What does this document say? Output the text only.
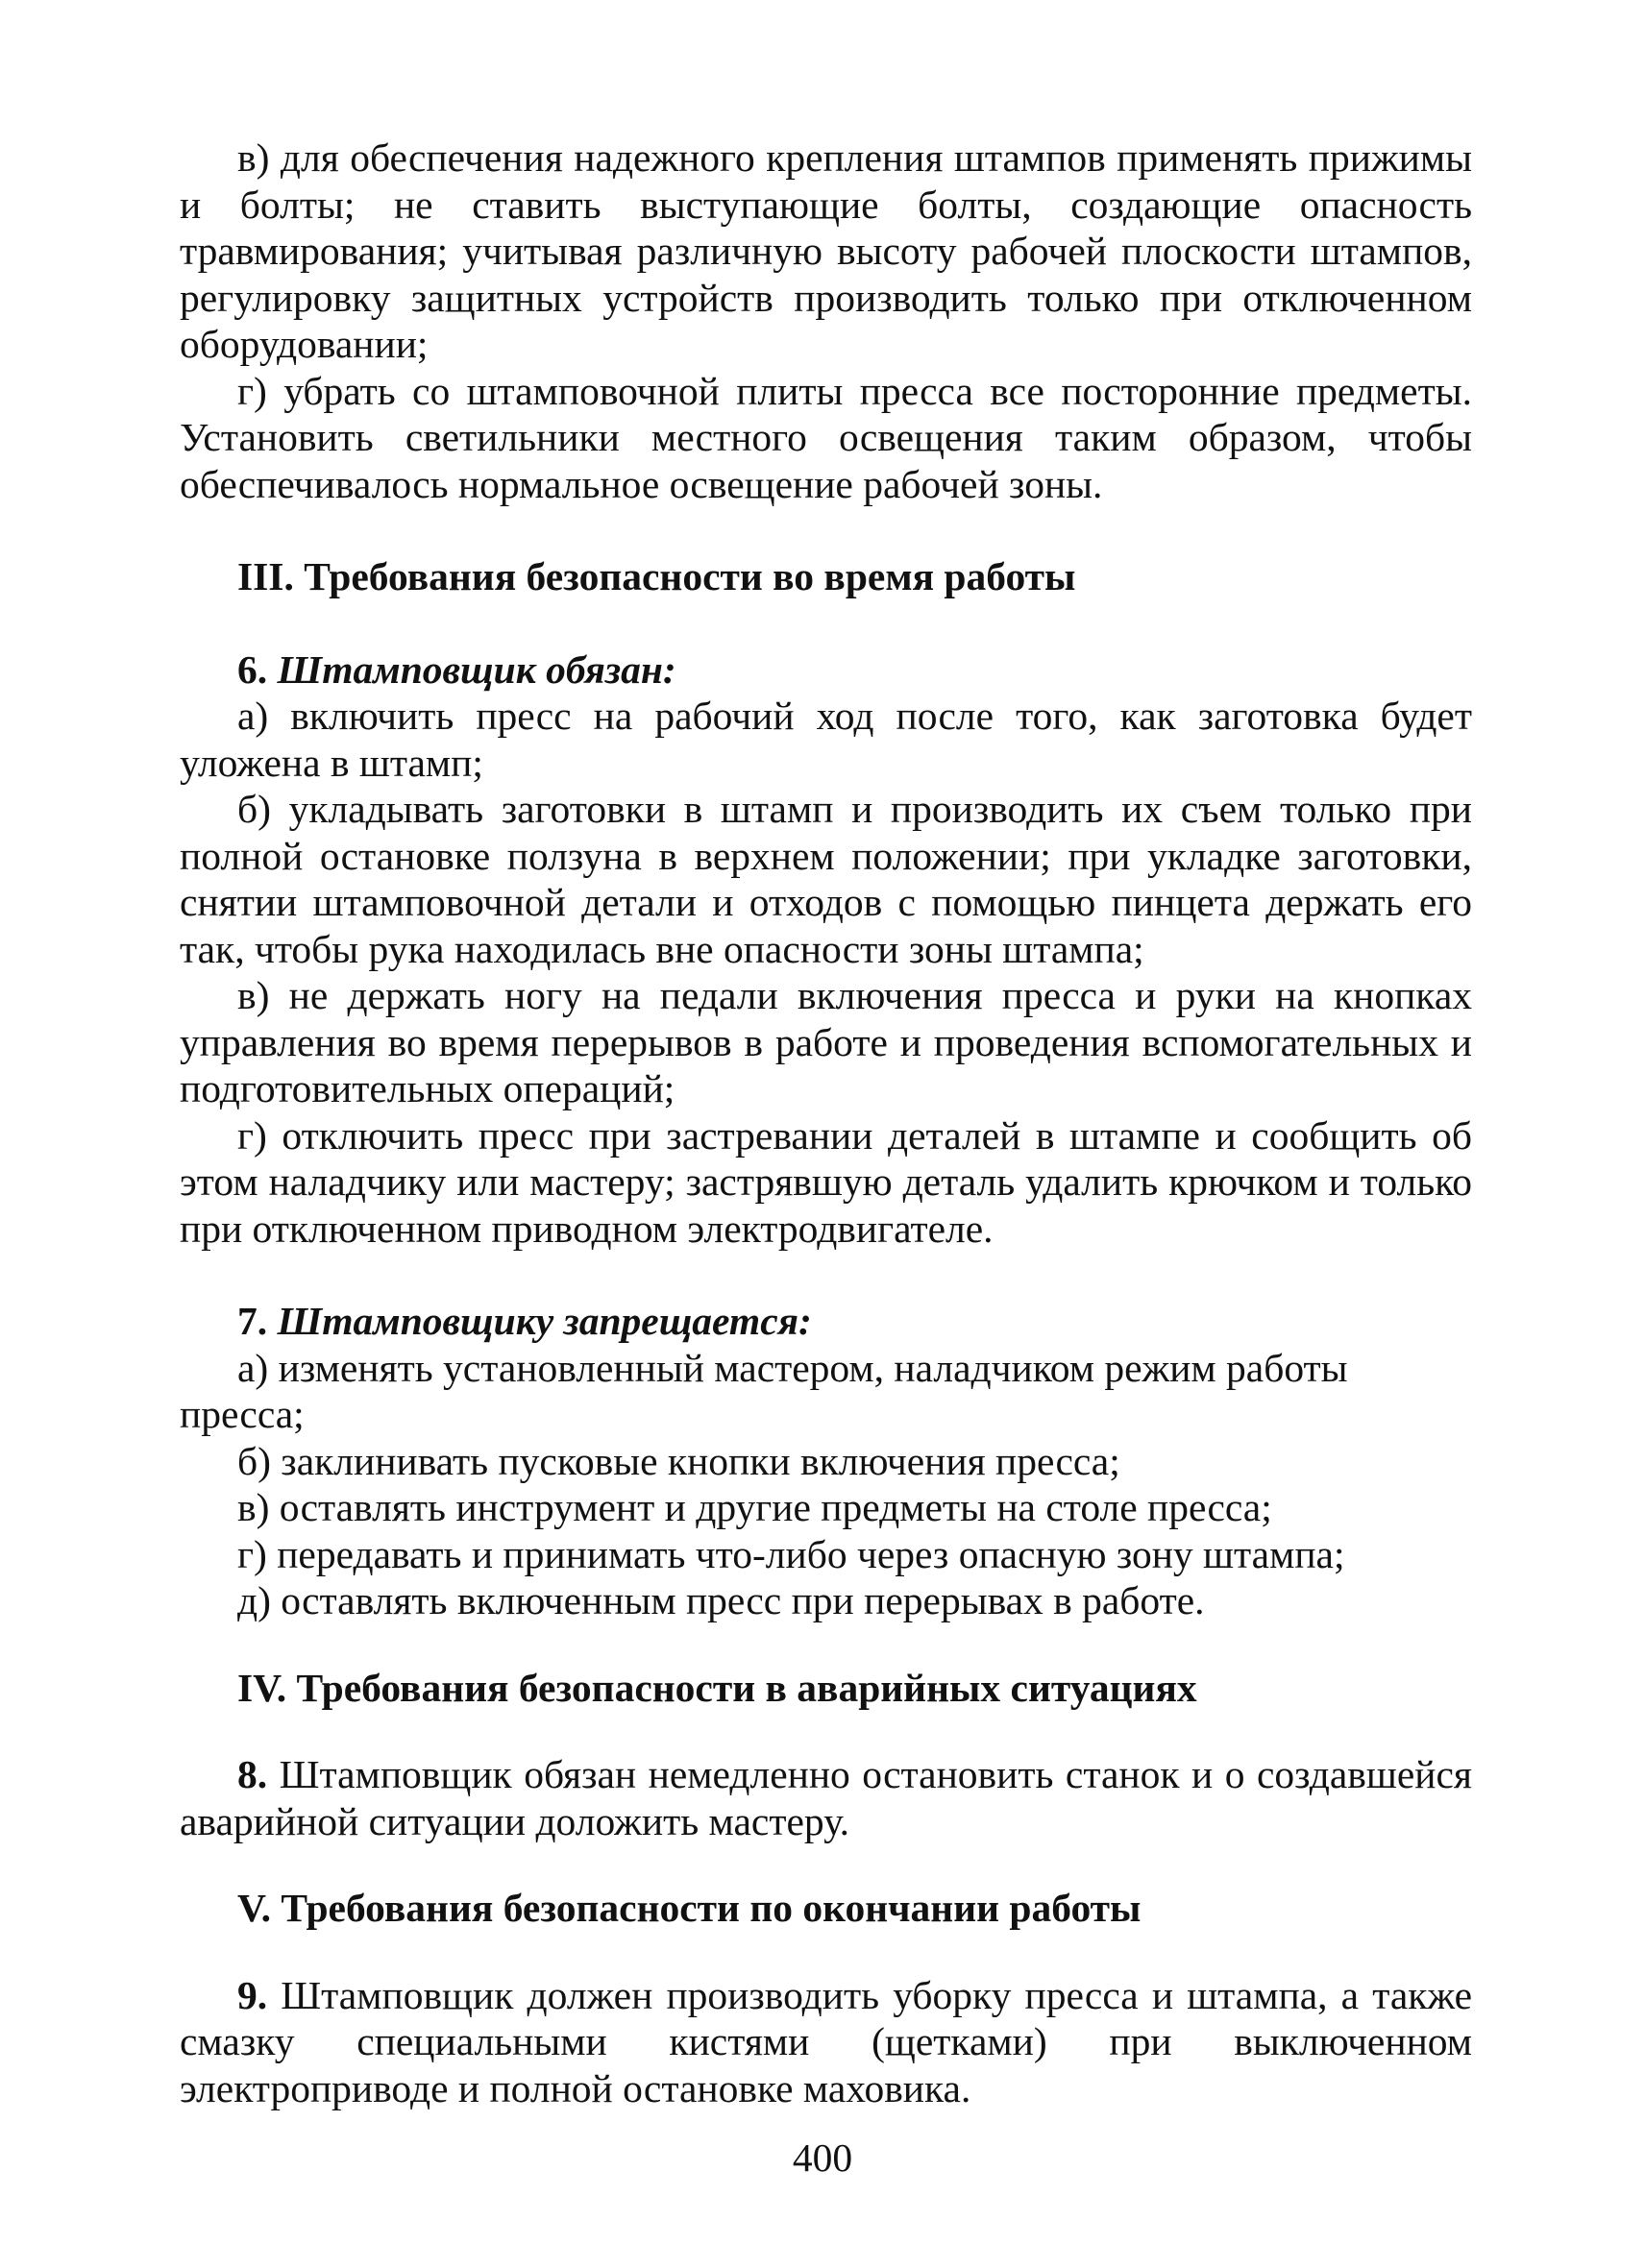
в) для обеспечения надежного крепления штампов применять прижимы и болты; не ставить выступающие болты, создающие опасность травмирования; учитывая различную высоту рабочей плоскости штампов, регулировку защитных устройств производить только при отключенном оборудовании;

г) убрать со штамповочной плиты пресса все посторонние предметы. Установить светильники местного освещения таким образом, чтобы обеспечивалось нормальное освещение рабочей зоны.

III. Требования безопасности во время работы

6. Штамповщик обязан:

а) включить пресс на рабочий ход после того, как заготовка будет уложена в штамп;

б) укладывать заготовки в штамп и производить их съем только при полной остановке ползуна в верхнем положении; при укладке заготовки, снятии штамповочной детали и отходов с помощью пинцета держать его так, чтобы рука находилась вне опасности зоны штампа;

в) не держать ногу на педали включения пресса и руки на кнопках управления во время перерывов в работе и проведения вспомогательных и подготовительных операций;

г) отключить пресс при застревании деталей в штампе и сообщить об этом наладчику или мастеру; застрявшую деталь удалить крючком и только при отключенном приводном электродвигателе.

7. Штамповщику запрещается:

а) изменять установленный мастером, наладчиком режим работы пресса;

б) заклинивать пусковые кнопки включения пресса;

в) оставлять инструмент и другие предметы на столе пресса;

г) передавать и принимать что-либо через опасную зону штампа;

д) оставлять включенным пресс при перерывах в работе.

IV. Требования безопасности в аварийных ситуациях

8. Штамповщик обязан немедленно остановить станок и о создавшейся аварийной ситуации доложить мастеру.

V. Требования безопасности по окончании работы

9. Штамповщик должен производить уборку пресса и штампа, а также смазку специальными кистями (щетками) при выключенном электроприводе и полной остановке маховика.

400
